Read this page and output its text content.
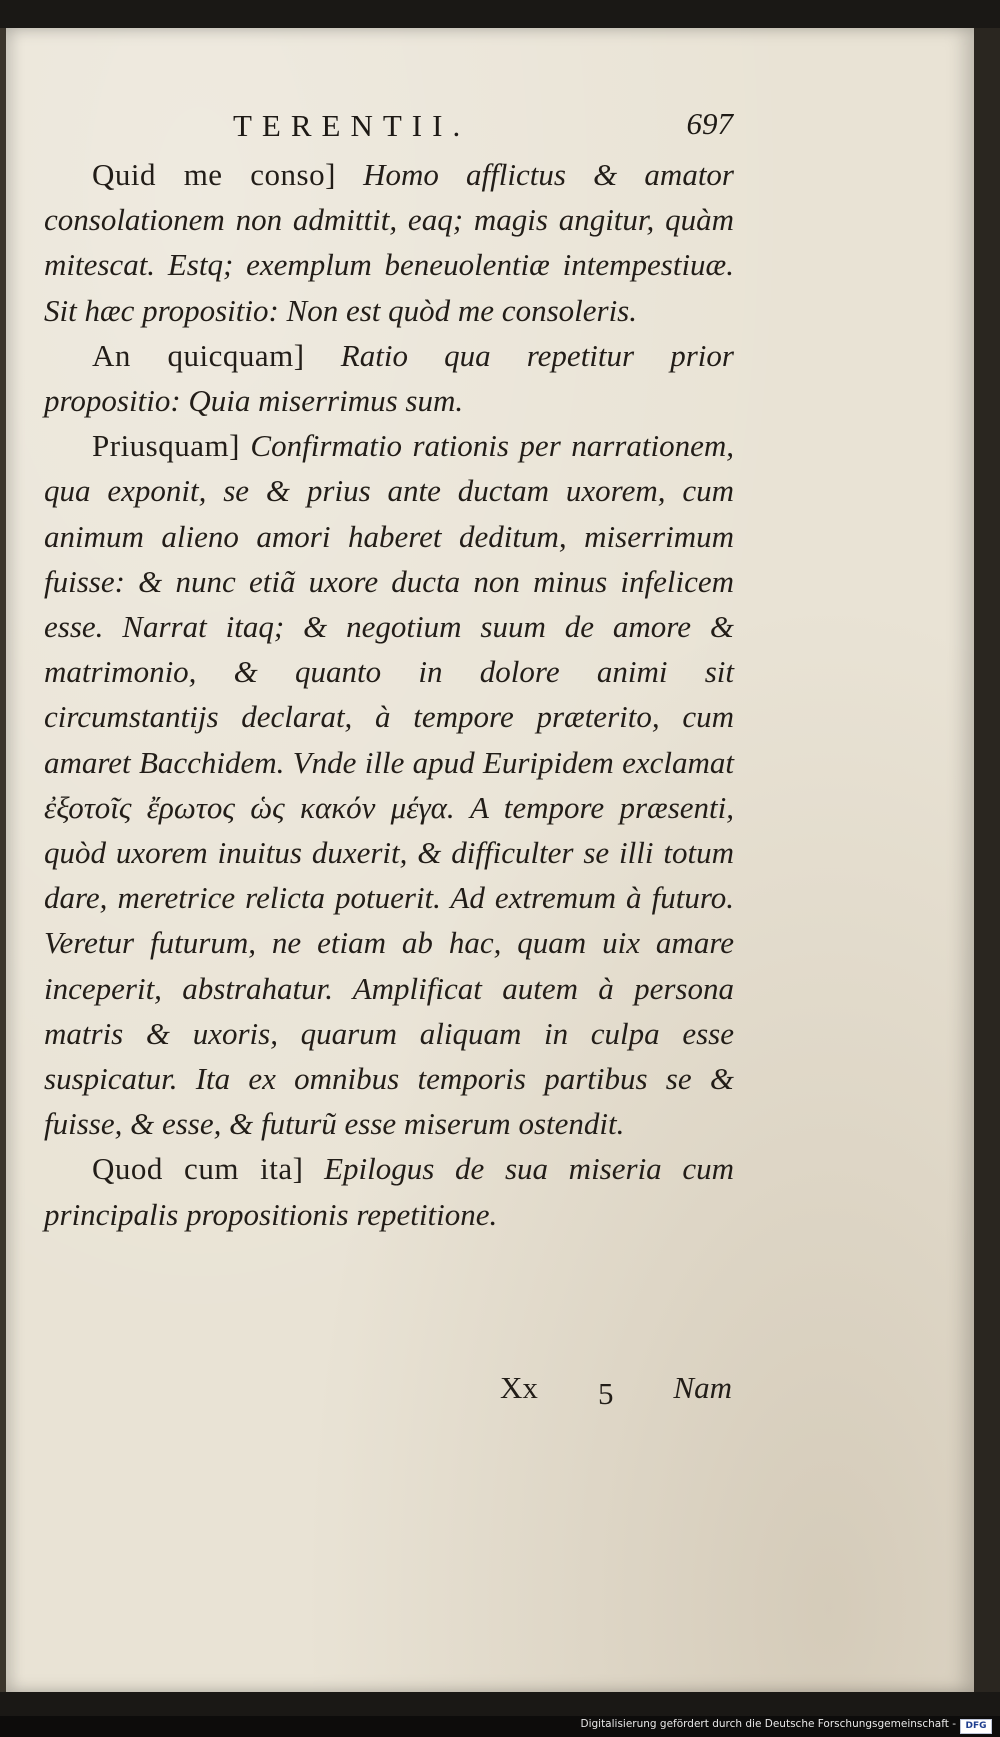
TERENTII.	697

Quid me conso] Homo afflictus & amator consolationem non admittit, eaq; magis angitur, quàm mitescat. Estq; exemplum beneuolentiæ intempestiuæ. Sit hæc propositio: Non est quòd me consoleris.

An quicquam] Ratio qua repetitur prior propositio: Quia miserrimus sum.

Priusquam] Confirmatio rationis per narrationem, qua exponit, se & prius ante ductam uxorem, cum animum alieno amori haberet deditum, miserrimum fuisse: & nunc etiã uxore ducta non minus infelicem esse. Narrat itaq; & negotium suum de amore & matrimonio, & quanto in dolore animi sit circumstantijs declarat, à tempore præterito, cum amaret Bacchidem. Vnde ille apud Euripidem exclamat ἐξοτοῖς ἔρωτος ὡς κακόν μέγα. A tempore præsenti, quòd uxorem inuitus duxerit, & difficulter se illi totum dare, meretrice relicta potuerit. Ad extremum à futuro. Veretur futurum, ne etiam ab hac, quam uix amare inceperit, abstrahatur. Amplificat autem à persona matris & uxoris, quarum aliquam in culpa esse suspicatur. Ita ex omnibus temporis partibus se & fuisse, & esse, & futurũ esse miserum ostendit.

Quod cum ita] Epilogus de sua miseria cum principalis propositionis repetitione.

Xx 5 Nam
Digitalisierung gefördert durch die Deutsche Forschungsgemeinschaft -	DFG
